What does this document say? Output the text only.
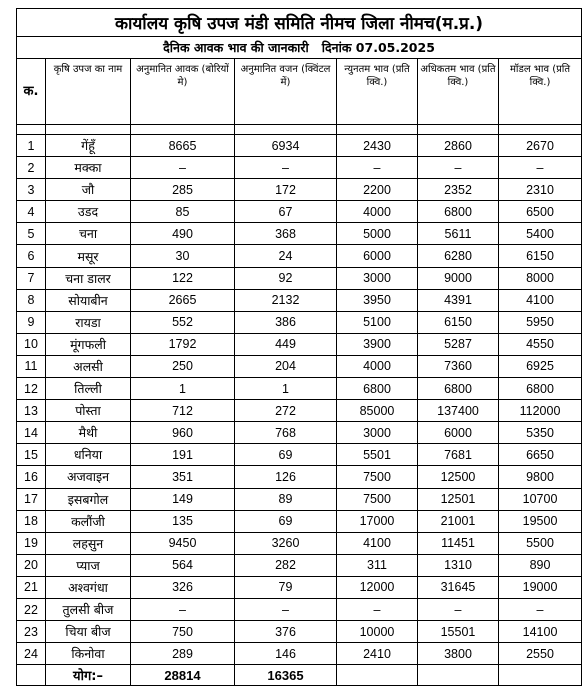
कार्यालय कृषि उपज मंडी समिति नीमच जिला नीमच(म.प्र.)						
दैनिक आवक भाव की जानकारी   दिनांक 07.05.2025						
क.	कृषि उपज का नाम	अनुमानित आवक (बोरियों मे)	अनुमानित वजन (क्विंटल में)	न्युनतम भाव (प्रति क्वि.)	अधिकतम भाव (प्रति क्वि.)	मॉडल भाव (प्रति क्वि.)

1	गेंहूँ	8665	6934	2430	2860	2670
2	मक्का	–	–	–	–	–
3	जौ	285	172	2200	2352	2310
4	उडद	85	67	4000	6800	6500
5	चना	490	368	5000	5611	5400
6	मसूर	30	24	6000	6280	6150
7	चना डालर	122	92	3000	9000	8000
8	सोयाबीन	2665	2132	3950	4391	4100
9	रायडा	552	386	5100	6150	5950
10	मूंगफली	1792	449	3900	5287	4550
11	अलसी	250	204	4000	7360	6925
12	तिल्ली	1	1	6800	6800	6800
13	पोस्ता	712	272	85000	137400	112000
14	मैथी	960	768	3000	6000	5350
15	धनिया	191	69	5501	7681	6650
16	अजवाइन	351	126	7500	12500	9800
17	इसबगोल	149	89	7500	12501	10700
18	कलौंजी	135	69	17000	21001	19500
19	लहसुन	9450	3260	4100	11451	5500
20	प्याज	564	282	311	1310	890
21	अश्वगंधा	326	79	12000	31645	19000
22	तुलसी बीज	–	–	–	–	–
23	चिया बीज	750	376	10000	15501	14100
24	किनोवा	289	146	2410	3800	2550
	योग:–	28814	16365			
